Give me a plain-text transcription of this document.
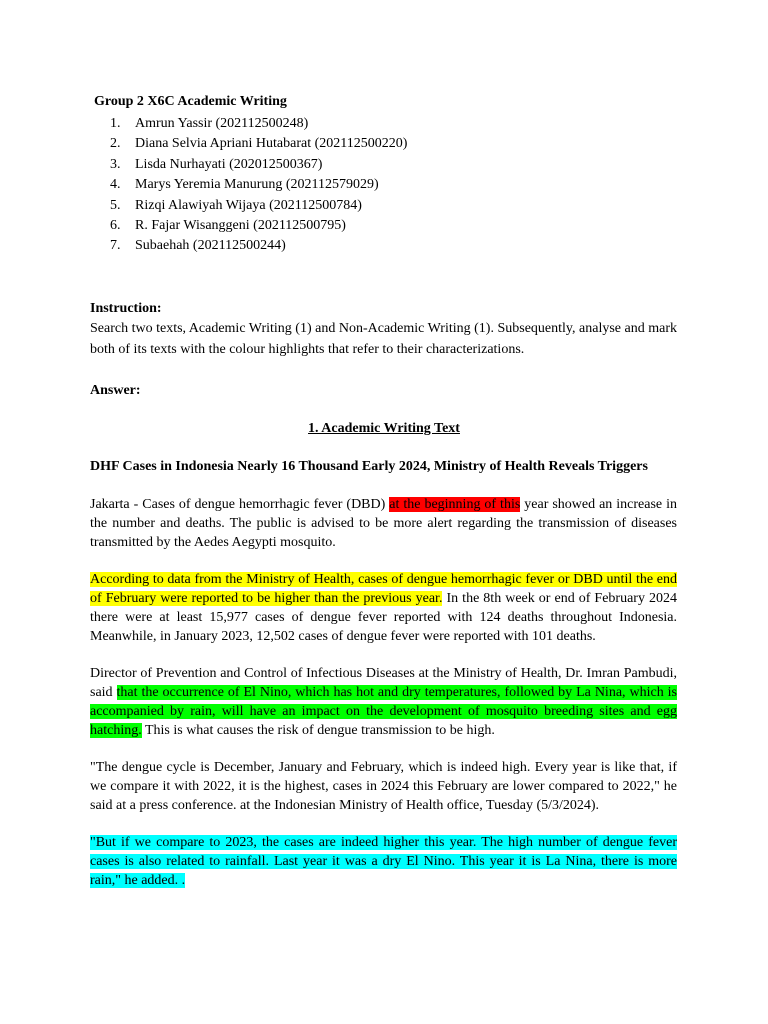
Group 2 X6C Academic Writing
1.	Amrun Yassir (202112500248)
2.	Diana Selvia Apriani Hutabarat (202112500220)
3.	Lisda Nurhayati (202012500367)
4.	Marys Yeremia Manurung (202112579029)
5.	Rizqi Alawiyah Wijaya (202112500784)
6.	R. Fajar Wisanggeni (202112500795)
7.	Subaehah (202112500244)
Instruction:
Search two texts, Academic Writing (1) and Non-Academic Writing (1). Subsequently, analyse and mark both of its texts with the colour highlights that refer to their characterizations.
Answer:
1. Academic Writing Text
DHF Cases in Indonesia Nearly 16 Thousand Early 2024, Ministry of Health Reveals Triggers
Jakarta - Cases of dengue hemorrhagic fever (DBD) at the beginning of this year showed an increase in the number and deaths. The public is advised to be more alert regarding the transmission of diseases transmitted by the Aedes Aegypti mosquito.
According to data from the Ministry of Health, cases of dengue hemorrhagic fever or DBD until the end of February were reported to be higher than the previous year. In the 8th week or end of February 2024 there were at least 15,977 cases of dengue fever reported with 124 deaths throughout Indonesia. Meanwhile, in January 2023, 12,502 cases of dengue fever were reported with 101 deaths.
Director of Prevention and Control of Infectious Diseases at the Ministry of Health, Dr. Imran Pambudi, said that the occurrence of El Nino, which has hot and dry temperatures, followed by La Nina, which is accompanied by rain, will have an impact on the development of mosquito breeding sites and egg hatching. This is what causes the risk of dengue transmission to be high.
"The dengue cycle is December, January and February, which is indeed high. Every year is like that, if we compare it with 2022, it is the highest, cases in 2024 this February are lower compared to 2022," he said at a press conference. at the Indonesian Ministry of Health office, Tuesday (5/3/2024).
"But if we compare to 2023, the cases are indeed higher this year. The high number of dengue fever cases is also related to rainfall. Last year it was a dry El Nino. This year it is La Nina, there is more rain," he added. .
